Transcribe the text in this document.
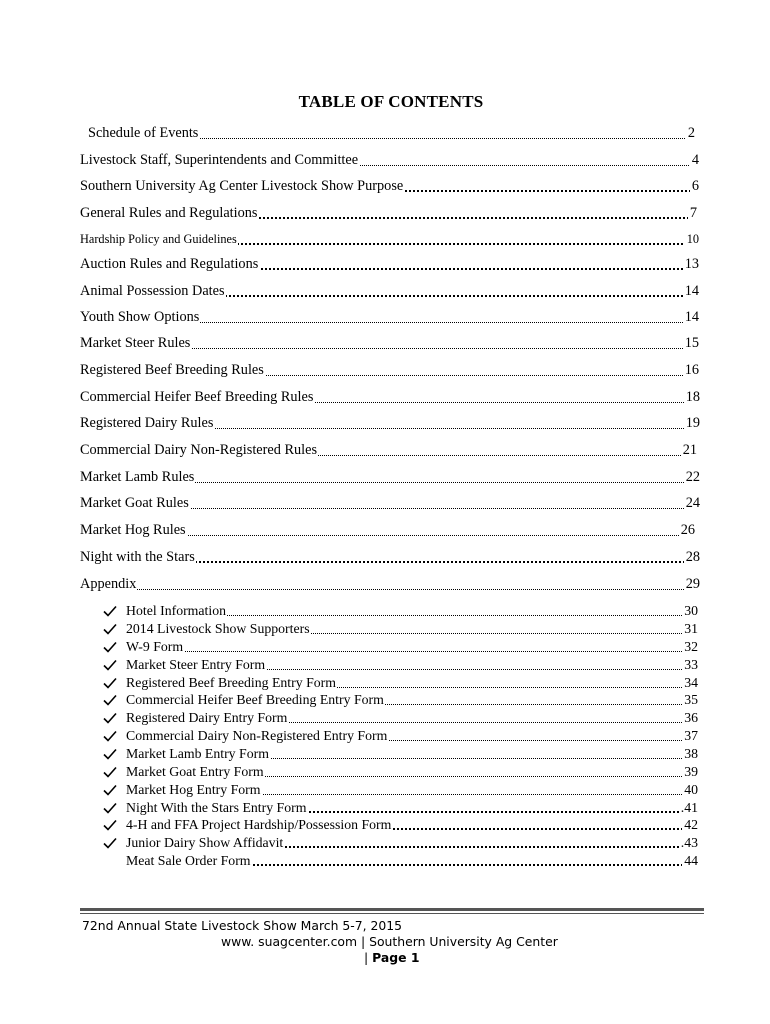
TABLE OF CONTENTS
Schedule of Events	2
Livestock Staff, Superintendents and Committee	4
Southern University Ag Center Livestock Show Purpose	6
General Rules and Regulations	7
Hardship Policy and Guidelines	10
Auction Rules and Regulations	13
Animal Possession Dates	14
Youth Show Options	14
Market Steer Rules	15
Registered Beef Breeding Rules	16
Commercial Heifer Beef Breeding Rules	18
Registered Dairy Rules	19
Commercial Dairy Non-Registered Rules	21
Market Lamb Rules	22
Market Goat Rules	24
Market Hog Rules	26
Night with the Stars	28
Appendix	29
Hotel Information	30
2014 Livestock Show Supporters	31
W-9 Form	32
Market Steer Entry Form	33
Registered Beef Breeding Entry Form	34
Commercial Heifer Beef Breeding Entry Form	35
Registered Dairy Entry Form	36
Commercial Dairy Non-Registered Entry Form	37
Market Lamb Entry Form	38
Market Goat Entry Form	39
Market Hog Entry Form	40
Night With the Stars Entry Form	.41
4-H and FFA Project Hardship/Possession Form	42
Junior Dairy Show Affidavit	.43
Meat Sale Order Form	44
72nd Annual State Livestock Show March 5-7, 2015
www. suagcenter.com | Southern University Ag Center
| Page 1
